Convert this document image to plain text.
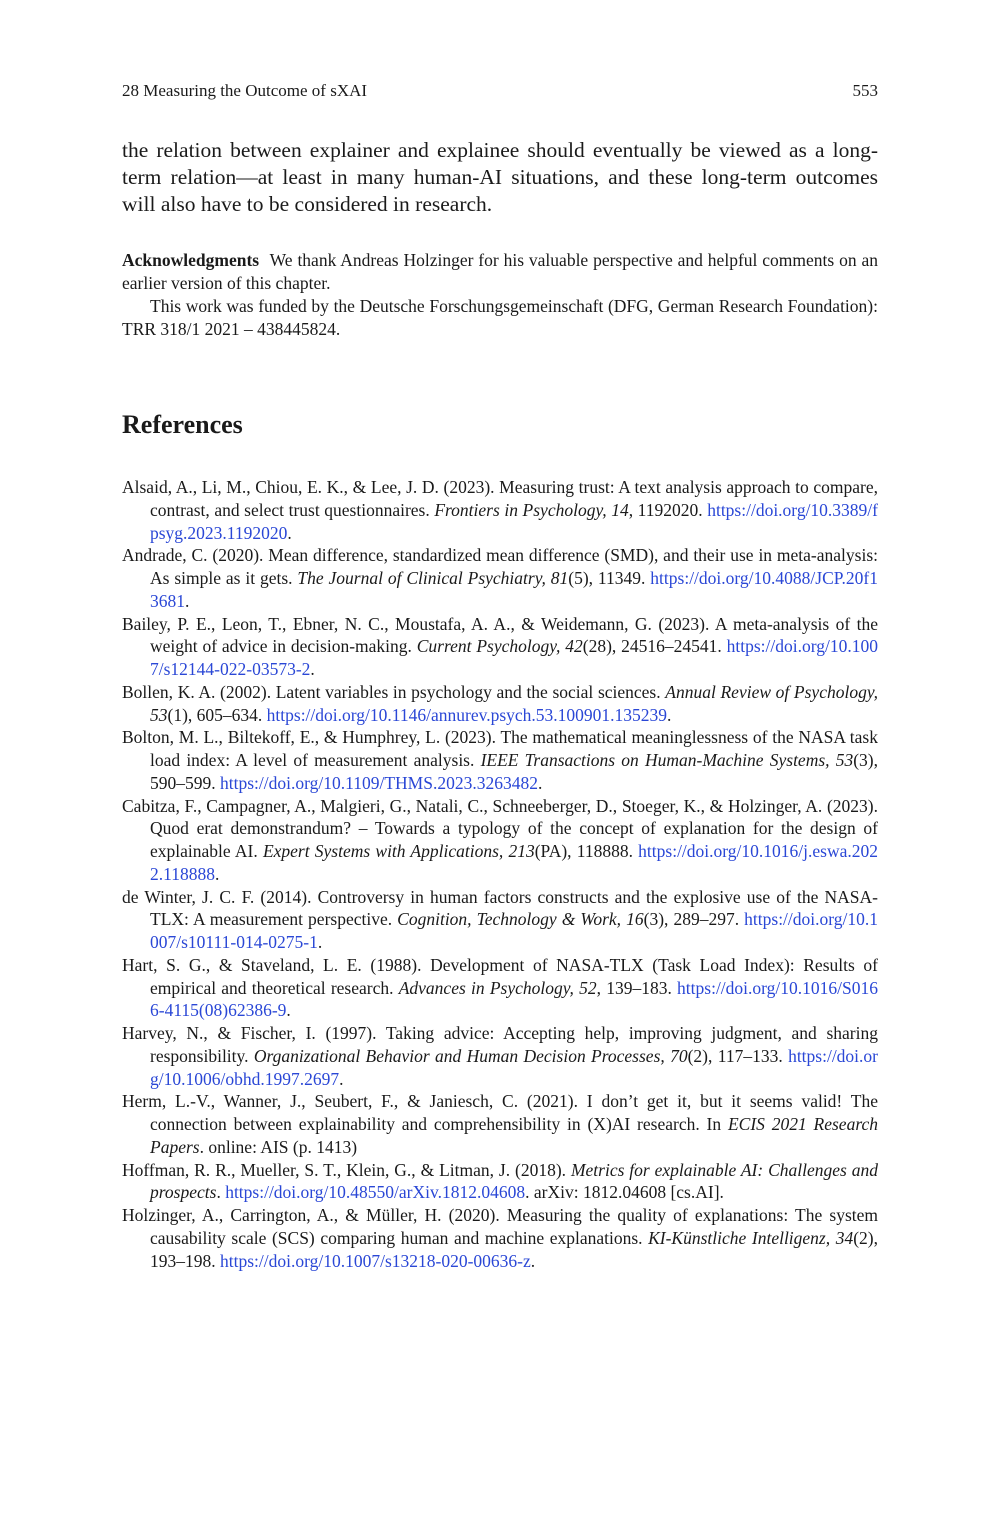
28 Measuring the Outcome of sXAI	553

the relation between explainer and explainee should eventually be viewed as a long-term relation—at least in many human-AI situations, and these long-term outcomes will also have to be considered in research.

Acknowledgments We thank Andreas Holzinger for his valuable perspective and helpful comments on an earlier version of this chapter.

This work was funded by the Deutsche Forschungsgemeinschaft (DFG, German Research Foundation): TRR 318/1 2021 – 438445824.

References
Alsaid, A., Li, M., Chiou, E. K., & Lee, J. D. (2023). Measuring trust: A text analysis approach to compare, contrast, and select trust questionnaires. Frontiers in Psychology, 14, 1192020. https://doi.org/10.3389/fpsyg.2023.1192020.
Andrade, C. (2020). Mean difference, standardized mean difference (SMD), and their use in meta-analysis: As simple as it gets. The Journal of Clinical Psychiatry, 81(5), 11349. https://doi.org/10.4088/JCP.20f13681.
Bailey, P. E., Leon, T., Ebner, N. C., Moustafa, A. A., & Weidemann, G. (2023). A meta-analysis of the weight of advice in decision-making. Current Psychology, 42(28), 24516–24541. https://doi.org/10.1007/s12144-022-03573-2.
Bollen, K. A. (2002). Latent variables in psychology and the social sciences. Annual Review of Psychology, 53(1), 605–634. https://doi.org/10.1146/annurev.psych.53.100901.135239.
Bolton, M. L., Biltekoff, E., & Humphrey, L. (2023). The mathematical meaninglessness of the NASA task load index: A level of measurement analysis. IEEE Transactions on Human-Machine Systems, 53(3), 590–599. https://doi.org/10.1109/THMS.2023.3263482.
Cabitza, F., Campagner, A., Malgieri, G., Natali, C., Schneeberger, D., Stoeger, K., & Holzinger, A. (2023). Quod erat demonstrandum? – Towards a typology of the concept of explanation for the design of explainable AI. Expert Systems with Applications, 213(PA), 118888. https://doi.org/10.1016/j.eswa.2022.118888.
de Winter, J. C. F. (2014). Controversy in human factors constructs and the explosive use of the NASA-TLX: A measurement perspective. Cognition, Technology & Work, 16(3), 289–297. https://doi.org/10.1007/s10111-014-0275-1.
Hart, S. G., & Staveland, L. E. (1988). Development of NASA-TLX (Task Load Index): Results of empirical and theoretical research. Advances in Psychology, 52, 139–183. https://doi.org/10.1016/S0166-4115(08)62386-9.
Harvey, N., & Fischer, I. (1997). Taking advice: Accepting help, improving judgment, and sharing responsibility. Organizational Behavior and Human Decision Processes, 70(2), 117–133. https://doi.org/10.1006/obhd.1997.2697.
Herm, L.-V., Wanner, J., Seubert, F., & Janiesch, C. (2021). I don’t get it, but it seems valid! The connection between explainability and comprehensibility in (X)AI research. In ECIS 2021 Research Papers. online: AIS (p. 1413)
Hoffman, R. R., Mueller, S. T., Klein, G., & Litman, J. (2018). Metrics for explainable AI: Challenges and prospects. https://doi.org/10.48550/arXiv.1812.04608. arXiv: 1812.04608 [cs.AI].
Holzinger, A., Carrington, A., & Müller, H. (2020). Measuring the quality of explanations: The system causability scale (SCS) comparing human and machine explanations. KI-Künstliche Intelligenz, 34(2), 193–198. https://doi.org/10.1007/s13218-020-00636-z.
